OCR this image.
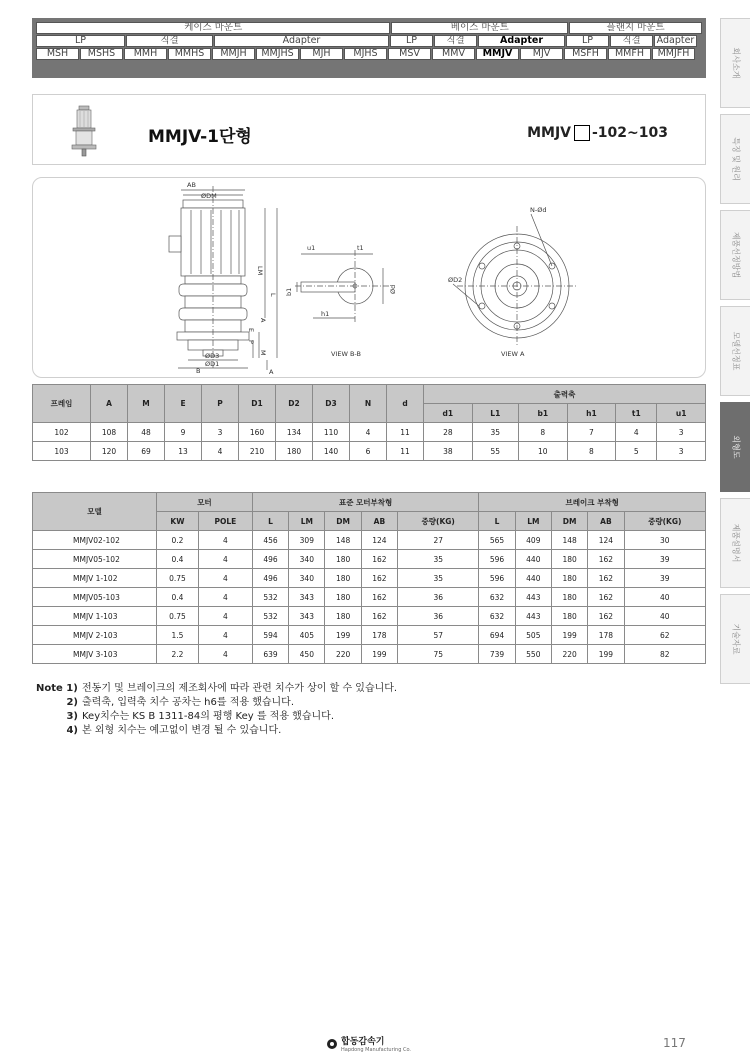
회사소개
특징 및 원리
제품선정방법
모델선정표
외형도
제품설명서
기술자료
케이스 마운트	베이스 마운트	플랜지 마운트
LP	직결	Adapter	LP	직결	Adapter	LP	직결	Adapter
MSH	MSHS	MMH	MMHS	MMJH	MMJHS	MJH	MJHS	MSV	MMV	MMJV	MJV	MSFH	MMFH	MMJFH
MMJV-1단형	MMJV -102~103
AB
ØDM
LM
L
A
E
P
M
B
ØD3
ØD1
A
u1	t1
b1
h1
Ød
VIEW B-B
N-Ød
ØD2
VIEW A
프레임	A	M	E	P	D1	D2	D3	N	d	출력축					
										d1	L1	b1	h1	t1	u1
102	108	48	9	3	160	134	110	4	11	28	35	8	7	4	3
103	120	69	13	4	210	180	140	6	11	38	55	10	8	5	3
모델	모터		표준 모터부착형					브레이크 부착형				
	KW	POLE	L	LM	DM	AB	중량(KG)	L	LM	DM	AB	중량(KG)
MMJV02-102	0.2	4	456	309	148	124	27	565	409	148	124	30
MMJV05-102	0.4	4	496	340	180	162	35	596	440	180	162	39
MMJV 1-102	0.75	4	496	340	180	162	35	596	440	180	162	39
MMJV05-103	0.4	4	532	343	180	162	36	632	443	180	162	40
MMJV 1-103	0.75	4	532	343	180	162	36	632	443	180	162	40
MMJV 2-103	1.5	4	594	405	199	178	57	694	505	199	178	62
MMJV 3-103	2.2	4	639	450	220	199	75	739	550	220	199	82
Note 1) 전동기 및 브레이크의 제조회사에 따라 관련 치수가 상이 할 수 있습니다.
2) 출력축, 입력축 치수 공차는 h6를 적용 했습니다.
3) Key치수는 KS B 1311-84의 평행 Key 를 적용 했습니다.
4) 본 외형 치수는 예고없이 변경 될 수 있습니다.
합동감속기
Hapdong Manufacturing Co.	117
